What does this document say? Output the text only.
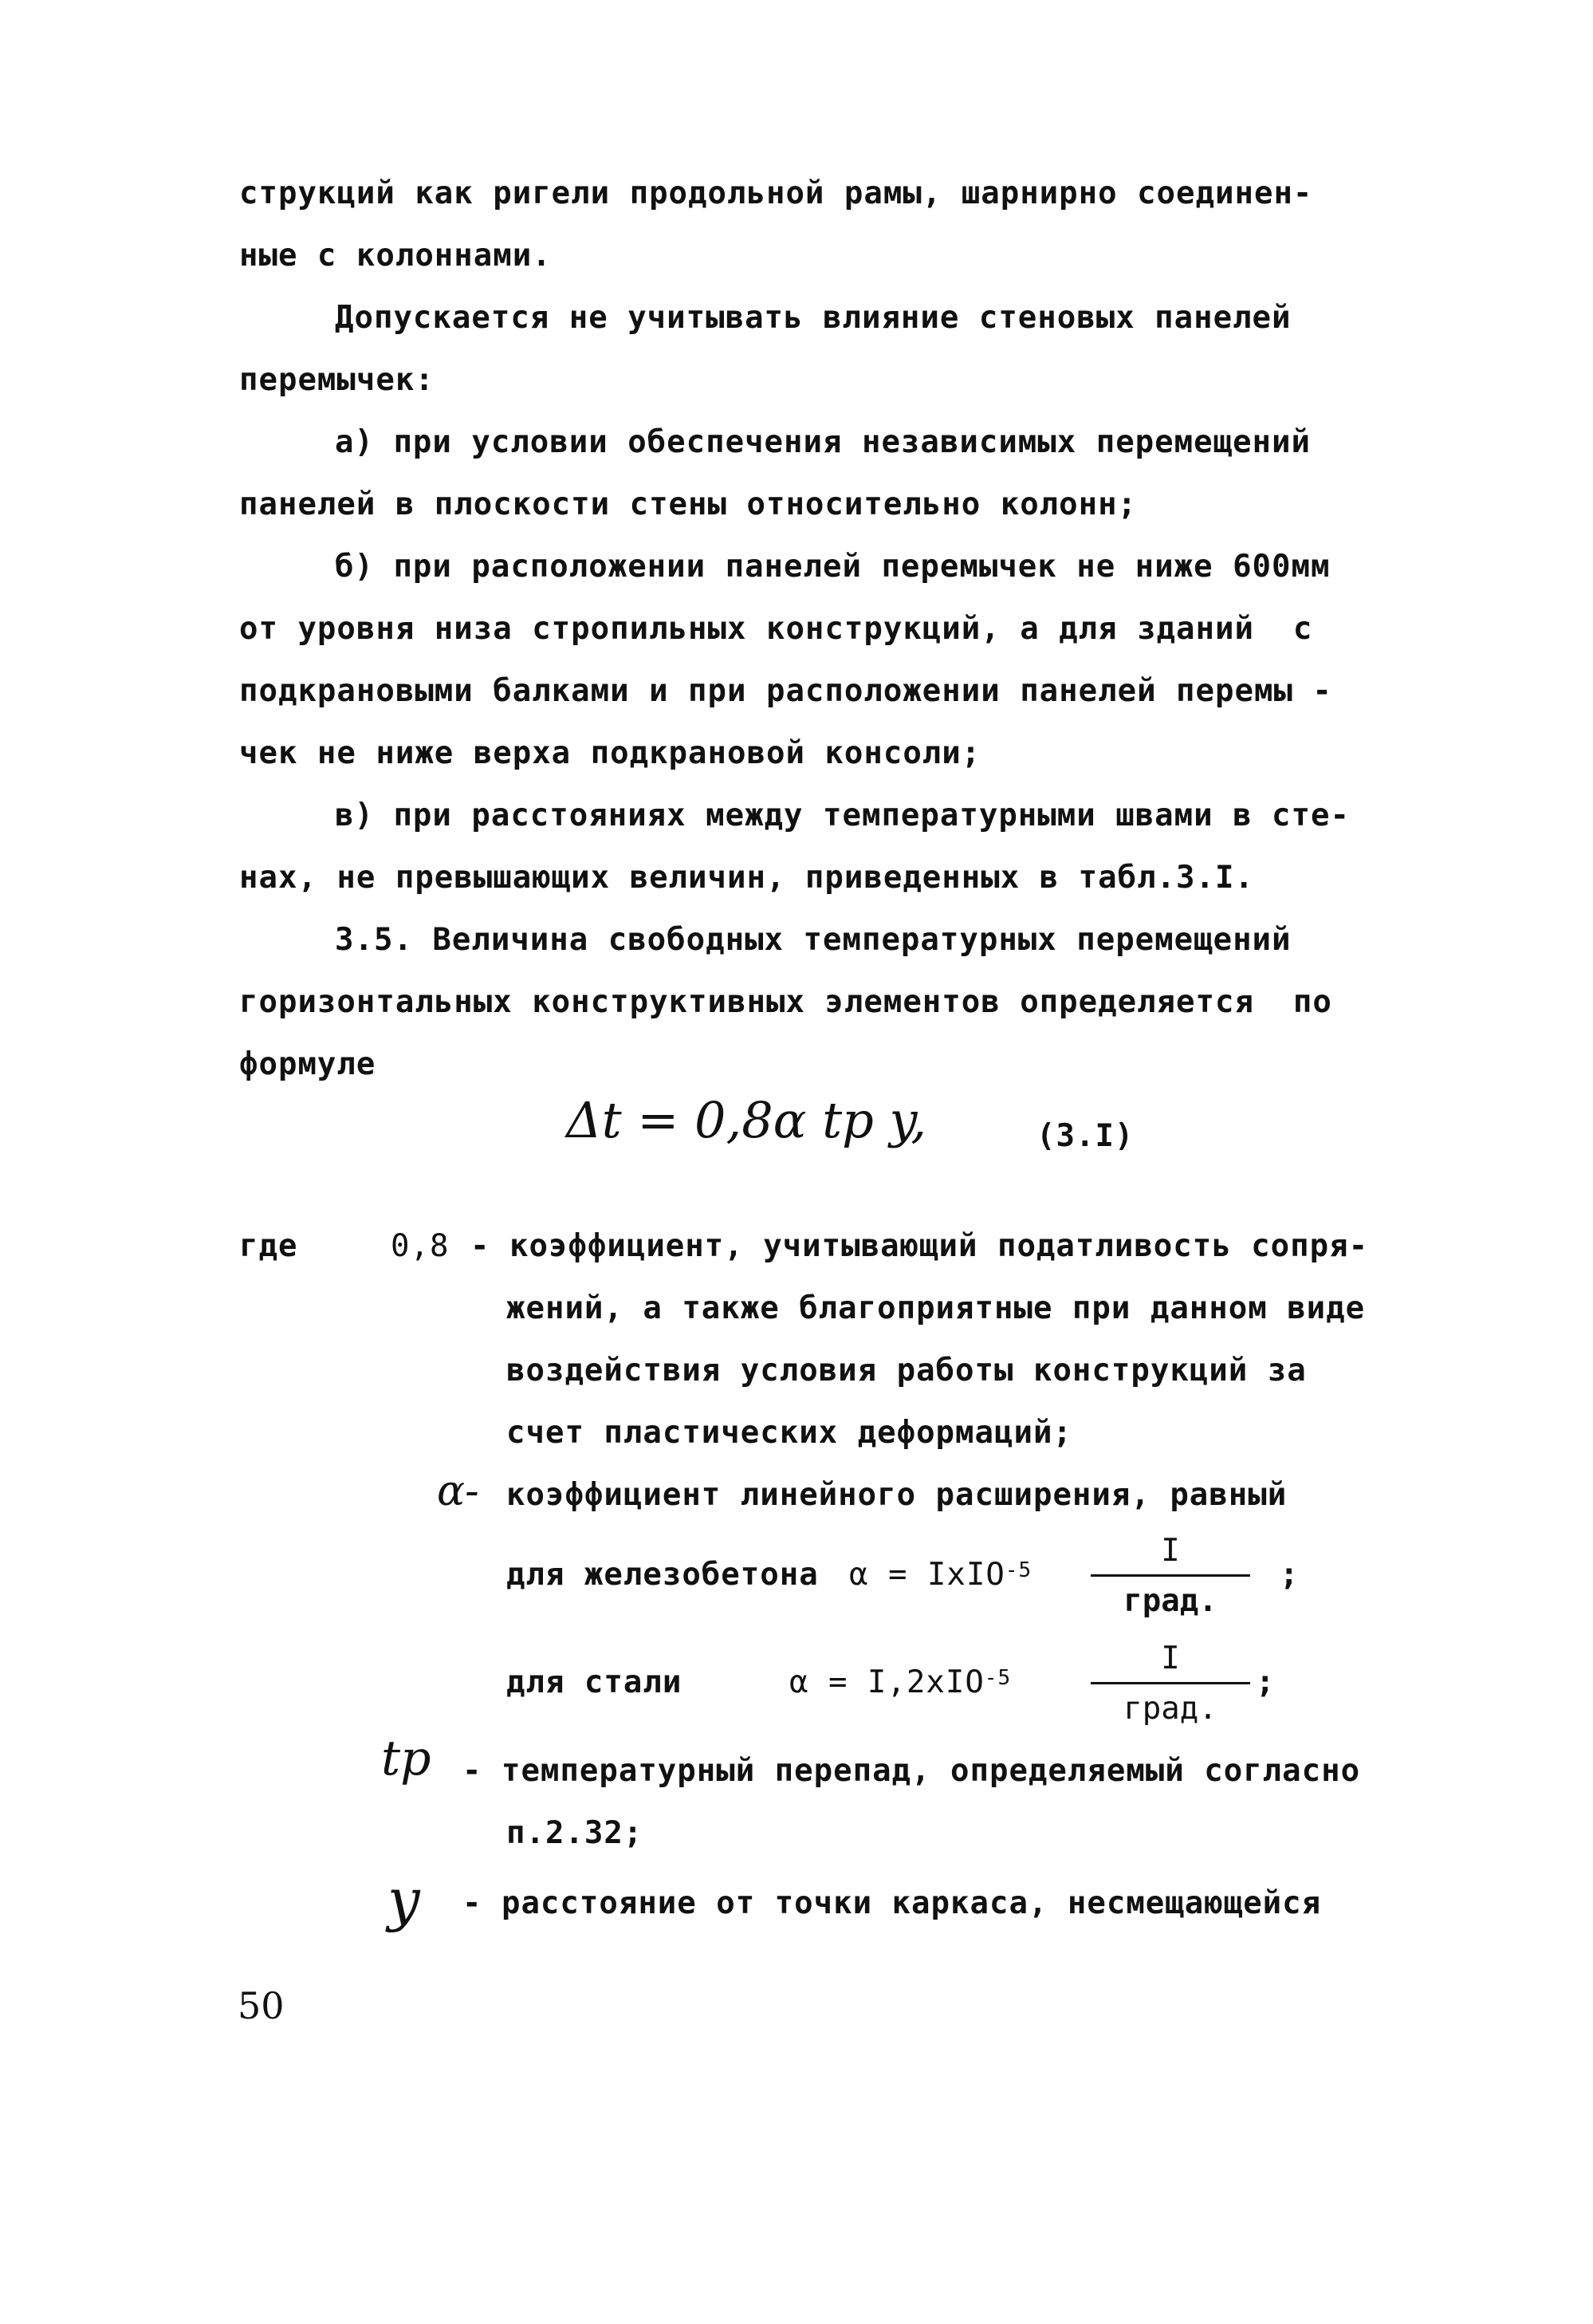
струкций как ригели продольной рамы, шарнирно соединен-
ные с колоннами.
Допускается не учитывать влияние стеновых панелей
перемычек:
а) при условии обеспечения независимых перемещений
панелей в плоскости стены относительно колонн;
б) при расположении панелей перемычек не ниже 600мм
от уровня низа стропильных конструкций, а для зданий  с
подкрановыми балками и при расположении панелей перемы -
чек не ниже верха подкрановой консоли;
в) при расстояниях между температурными швами в сте-
нах, не превышающих величин, приведенных в табл.3.I.
3.5. Величина свободных температурных перемещений
горизонтальных конструктивных элементов определяется  по
формуле
Δt = 0,8α tр y,	(3.I)
где	0,8 - коэффициент, учитывающий податливость сопря-
жений, а также благоприятные при данном виде
воздействия условия работы конструкций за
счет пластических деформаций;
α- коэффициент линейного расширения, равный
для железобетона α = IxIO$^{-5}$
I
град.
;
для стали	α = I,2xIO$^{-5}$
I
град.
;
tр - температурный перепад, определяемый согласно
п.2.32;
y - расстояние от точки каркаса, несмещающейся
50
